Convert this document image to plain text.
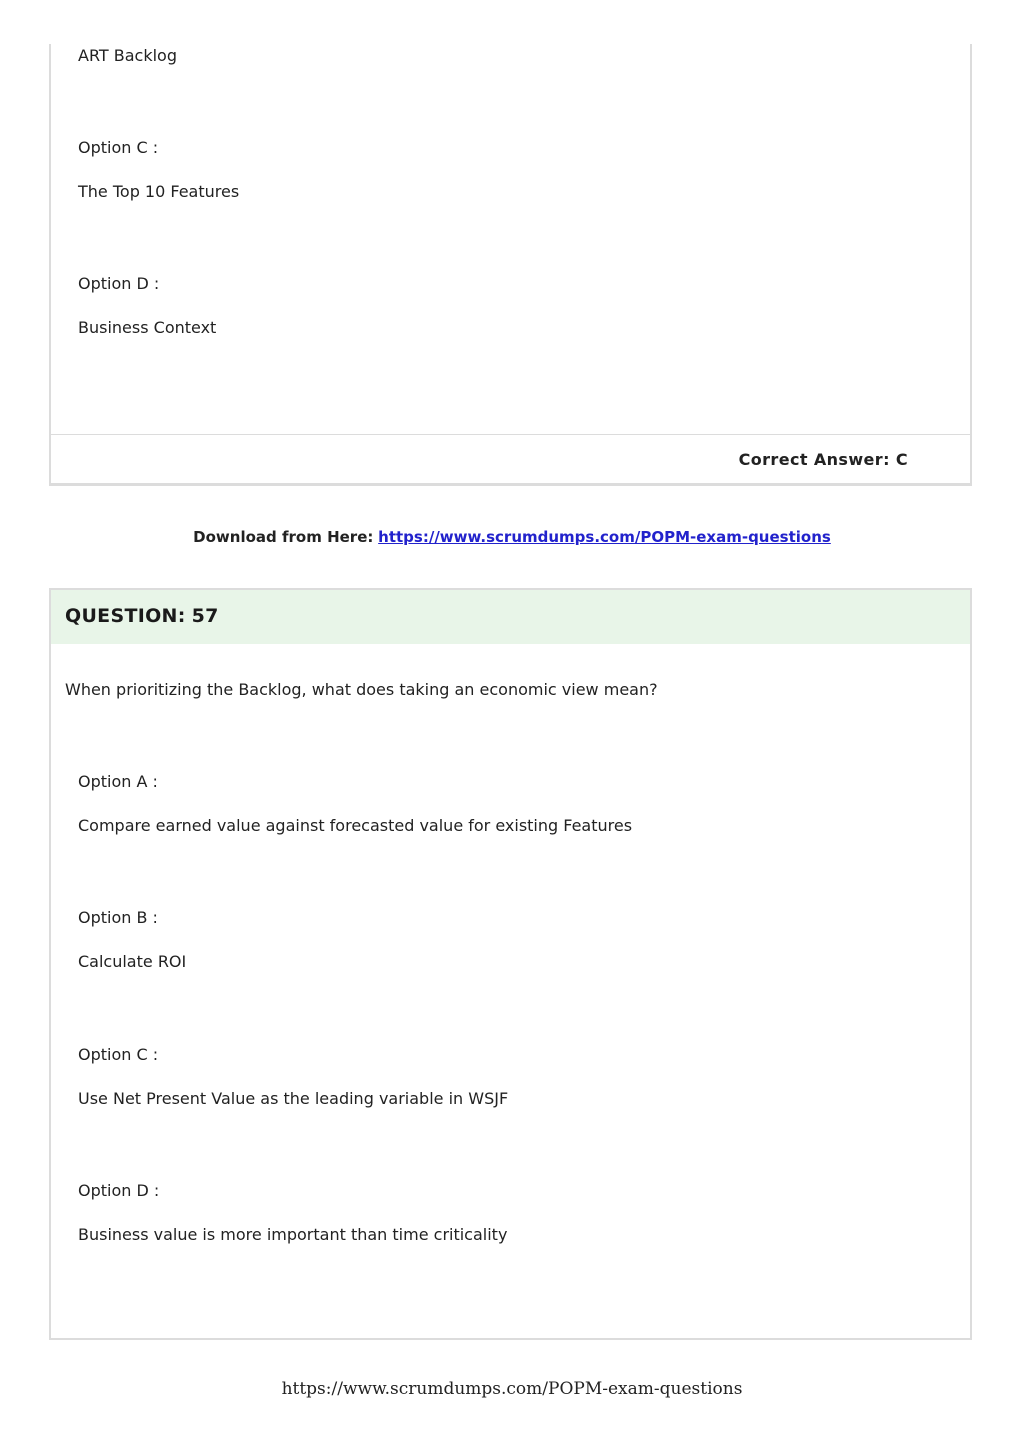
ART Backlog
Option C :
The Top 10 Features
Option D :
Business Context
Correct Answer: C
Download from Here: https://www.scrumdumps.com/POPM-exam-questions
QUESTION: 57
When prioritizing the Backlog, what does taking an economic view mean?
Option A :
Compare earned value against forecasted value for existing Features
Option B :
Calculate ROI
Option C :
Use Net Present Value as the leading variable in WSJF
Option D :
Business value is more important than time criticality
https://www.scrumdumps.com/POPM-exam-questions
